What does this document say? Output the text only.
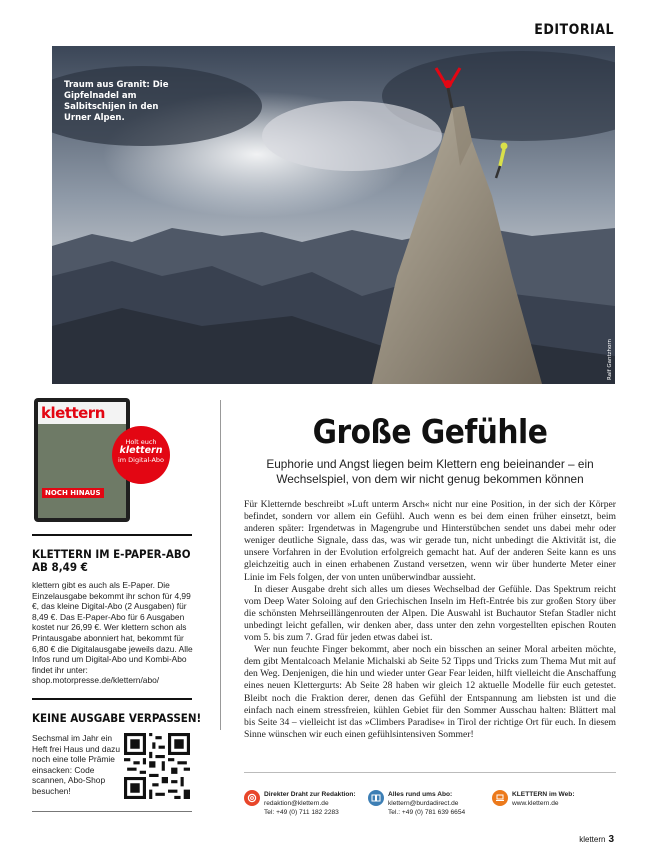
EDITORIAL
Traum aus Granit: Die Gipfelnadel am Salbitschijen in den Urner Alpen.
Ralf Gantzhorn
klettern
NOCH HINAUS
Holt euch
klettern
im Digital-Abo
KLETTERN IM E-PAPER-ABO AB 8,49 €
klettern gibt es auch als E-Paper. Die Einzelausgabe bekommt ihr schon für 4,99 €, das kleine Digital-Abo (2 Ausgaben) für 8,49 €. Das E-Paper-Abo für 6 Ausgaben kostet nur 26,99 €. Wer klettern schon als Printausgabe abonniert hat, bekommt für 6,80 € die Digitalausgabe jeweils dazu. Alle Infos rund um Digital-Abo und Kombi-Abo findet ihr unter: shop.motorpresse.de/klettern/abo/
KEINE AUSGABE VERPASSEN!
Sechsmal im Jahr ein Heft frei Haus und dazu noch eine tolle Prämie einsacken: Code scannen, Abo-Shop besuchen!
Große Gefühle
Euphorie und Angst liegen beim Klettern eng beieinander – ein Wechselspiel, von dem wir nicht genug bekommen können

Für Kletternde beschreibt »Luft unterm Arsch« nicht nur eine Position, in der sich der Körper befindet, sondern vor allem ein Gefühl. Auch wenn es bei dem einen früher einsetzt, beim anderen später: Irgendetwas in Magengrube und Hinterstübchen sendet uns dabei mehr oder weniger deutliche Signale, dass das, was wir gerade tun, nicht unbedingt die Aktivität ist, die unsere Vorfahren in der Evolution erfolgreich gemacht hat. Auf der anderen Seite kann es uns gleichzeitig auch in einen erhabenen Zustand versetzen, wenn wir über hunderte Meter einer Linie im Fels folgen, der von unten unüberwindbar aussieht.

In dieser Ausgabe dreht sich alles um dieses Wechselbad der Gefühle. Das Spektrum reicht vom Deep Water Soloing auf den Griechischen Inseln im Heft-Entrée bis zur großen Story über die schönsten Mehrseillängenrouten der Alpen. Die Auswahl ist Buchautor Stefan Stadler nicht unbedingt leicht gefallen, wir denken aber, dass unter den zehn vorgestellten epischen Routen vom 5. bis zum 7. Grad für jeden etwas dabei ist.

Wer nun feuchte Finger bekommt, aber noch ein bisschen an seiner Moral arbeiten möchte, dem gibt Mentalcoach Melanie Michalski ab Seite 52 Tipps und Tricks zum Thema Mut mit auf den Weg. Denjenigen, die hin und wieder unter Gear Fear leiden, hilft vielleicht die Anschaffung eines neuen Klettergurts: Ab Seite 28 haben wir gleich 12 aktuelle Modelle für euch getestet. Bleibt noch die Fraktion derer, denen das Gefühl der Entspannung am liebsten ist und die einfach nach einem stressfreien, kühlen Gebiet für den Sommer Ausschau halten: Blättert mal bis Seite 34 – vielleicht ist das »Climbers Paradise« in Tirol der richtige Ort für euch. In diesem Sinne wünschen wir euch einen gefühlsintensiven Sommer!

Direkter Draht zur Redaktion:
redaktion@klettern.de
Tel: +49 (0) 711 182 2283
Alles rund ums Abo:
klettern@burdadirect.de
Tel.: +49 (0) 781 639 6654
KLETTERN im Web:
www.klettern.de
klettern 3
